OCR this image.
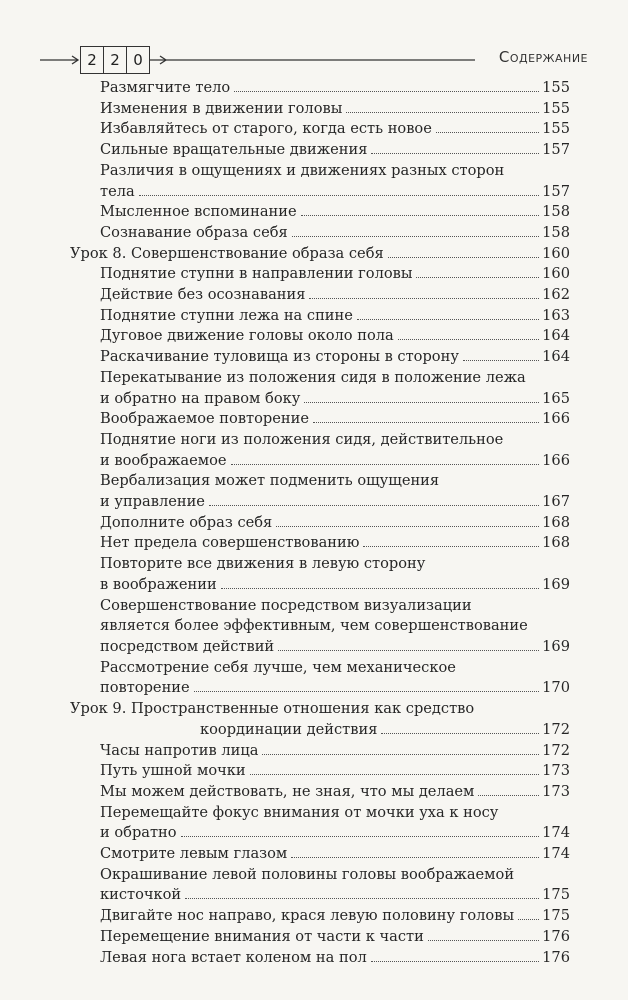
2 2 0	Содержание
Размягчите тело	155
Изменения в движении головы	155
Избавляйтесь от старого, когда есть новое	155
Сильные вращательные движения	157
Различия в ощущениях и движениях разных сторон
тела	157
Мысленное вспоминание	158
Сознавание образа себя	158
Урок 8. Совершенствование образа себя	160
Поднятие ступни в направлении головы	160
Действие без осознавания	162
Поднятие ступни лежа на спине	163
Дуговое движение головы около пола	164
Раскачивание туловища из стороны в сторону	164
Перекатывание из положения сидя в положение лежа
и обратно на правом боку	165
Воображаемое повторение	166
Поднятие ноги из положения сидя, действительное
и воображаемое	166
Вербализация может подменить ощущения
и управление	167
Дополните образ себя	168
Нет предела совершенствованию	168
Повторите все движения в левую сторону
в воображении	169
Совершенствование посредством визуализации
является более эффективным, чем совершенствование
посредством действий	169
Рассмотрение себя лучше, чем механическое
повторение	170
Урок 9. Пространственные отношения как средство
координации действия	172
Часы напротив лица	172
Путь ушной мочки	173
Мы можем действовать, не зная, что мы делаем	173
Перемещайте фокус внимания от мочки уха к носу
и обратно	174
Смотрите левым глазом	174
Окрашивание левой половины головы воображаемой
кисточкой	175
Двигайте нос направо, крася левую половину головы 175
Перемещение внимания от части к части	176
Левая нога встает коленом на пол	176
